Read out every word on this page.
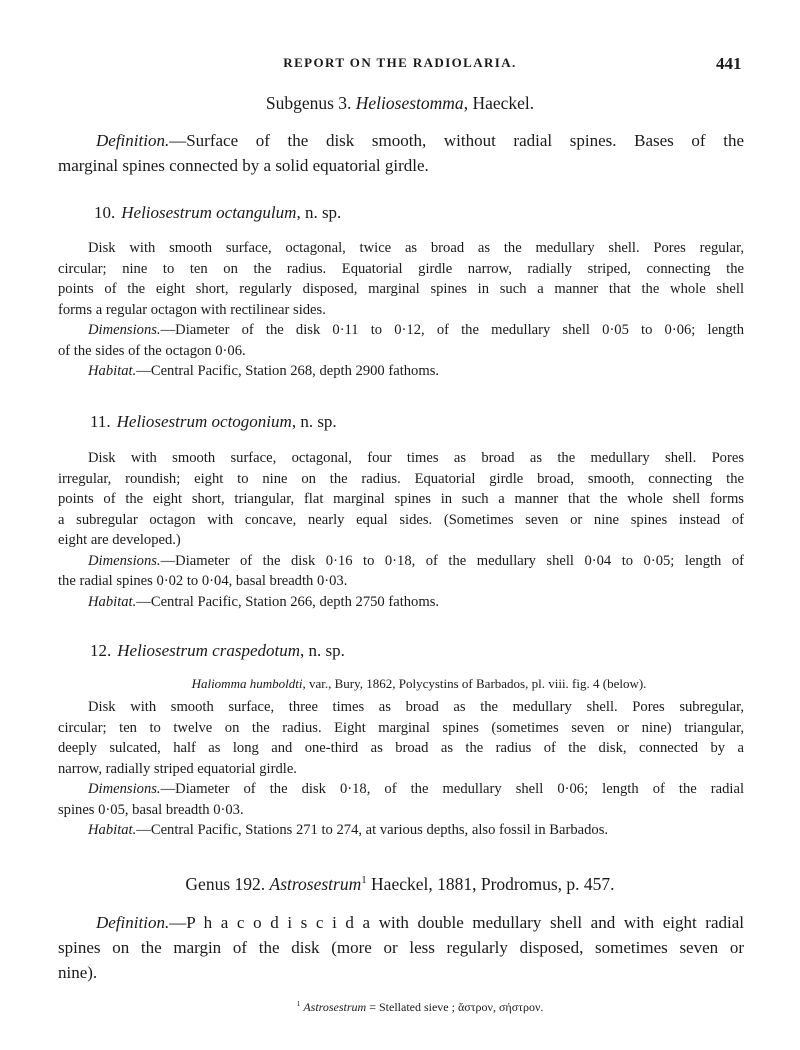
REPORT ON THE RADIOLARIA.	441
Subgenus 3. Heliosestomma, Haeckel.
Definition.—Surface of the disk smooth, without radial spines. Bases of the
marginal spines connected by a solid equatorial girdle.
10. Heliosestrum octangulum, n. sp.
Disk with smooth surface, octagonal, twice as broad as the medullary shell. Pores regular,
circular; nine to ten on the radius. Equatorial girdle narrow, radially striped, connecting the
points of the eight short, regularly disposed, marginal spines in such a manner that the whole shell
forms a regular octagon with rectilinear sides.
Dimensions.—Diameter of the disk 0·11 to 0·12, of the medullary shell 0·05 to 0·06; length
of the sides of the octagon 0·06.
Habitat.—Central Pacific, Station 268, depth 2900 fathoms.
11. Heliosestrum octogonium, n. sp.
Disk with smooth surface, octagonal, four times as broad as the medullary shell. Pores
irregular, roundish; eight to nine on the radius. Equatorial girdle broad, smooth, connecting the
points of the eight short, triangular, flat marginal spines in such a manner that the whole shell forms
a subregular octagon with concave, nearly equal sides. (Sometimes seven or nine spines instead of
eight are developed.)
Dimensions.—Diameter of the disk 0·16 to 0·18, of the medullary shell 0·04 to 0·05; length of
the radial spines 0·02 to 0·04, basal breadth 0·03.
Habitat.—Central Pacific, Station 266, depth 2750 fathoms.
12. Heliosestrum craspedotum, n. sp.
Haliomma humboldti, var., Bury, 1862, Polycystins of Barbados, pl. viii. fig. 4 (below).
Disk with smooth surface, three times as broad as the medullary shell. Pores subregular,
circular; ten to twelve on the radius. Eight marginal spines (sometimes seven or nine) triangular,
deeply sulcated, half as long and one-third as broad as the radius of the disk, connected by a
narrow, radially striped equatorial girdle.
Dimensions.—Diameter of the disk 0·18, of the medullary shell 0·06; length of the radial
spines 0·05, basal breadth 0·03.
Habitat.—Central Pacific, Stations 271 to 274, at various depths, also fossil in Barbados.
Genus 192. Astrosestrum$^1$ Haeckel, 1881, Prodromus, p. 457.
Definition.—P h a c o d i s c i d a with double medullary shell and with eight radial
spines on the margin of the disk (more or less regularly disposed, sometimes seven or
nine).
$^1$ Astrosestrum = Stellated sieve ; ἄστρον, σήστρον.
